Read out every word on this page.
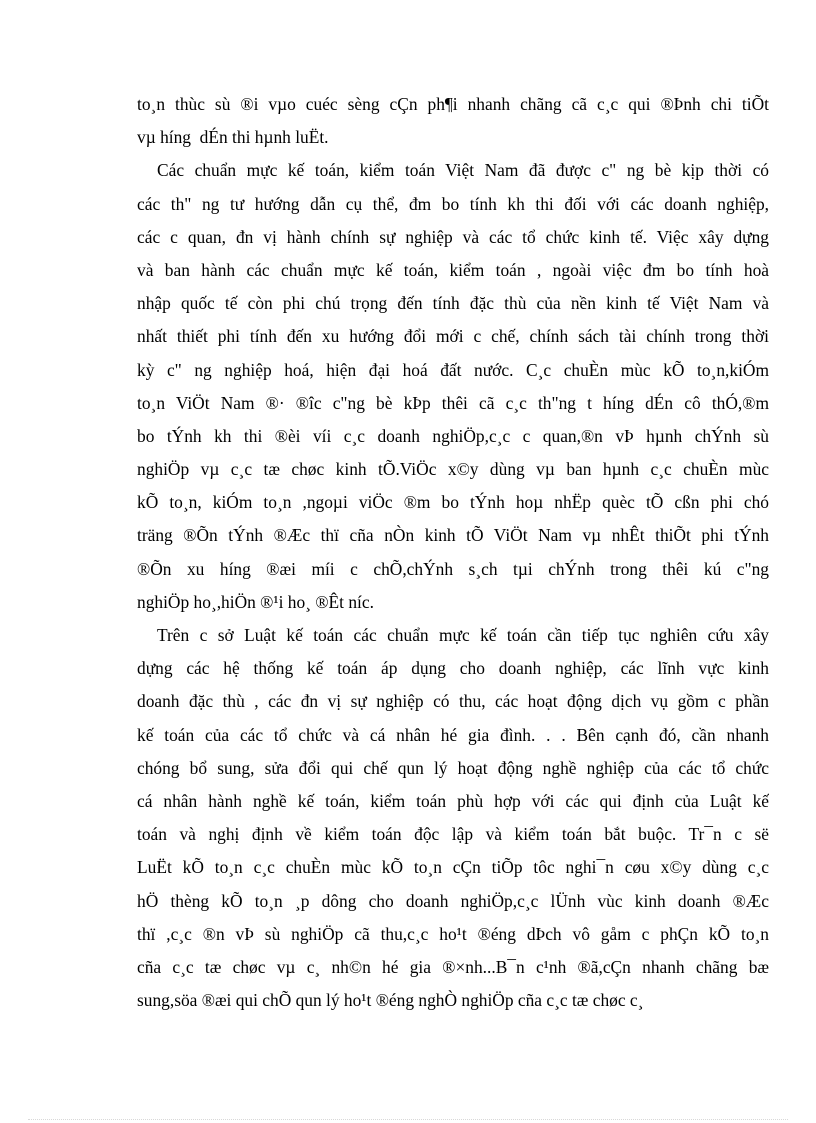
to¸n thùc sù ®i vµo cuéc sèng cÇn ph¶i nhanh chãng cã c¸c qui ®Þnh chi tiÕt
vµ híng  dÉn thi hµnh luËt.
Các chuẩn mực kế toán, kiểm toán Việt Nam đã được c" ng bè kịp thời có
các th" ng tư hướng dẫn cụ thể, đm bo tính kh thi đối với các doanh nghiệp,
các c quan, đn vị hành chính sự nghiệp và các tổ chức kinh tế. Việc xây dựng
và ban hành các chuẩn mực kế toán, kiểm toán , ngoài việc đm bo tính hoà
nhập quốc tế còn phi chú trọng đến tính đặc thù của nền kinh tế Việt Nam và
nhất thiết phi tính đến xu hướng đổi mới c chế, chính sách tài chính trong thời
kỳ c" ng nghiệp hoá, hiện đại hoá đất nước. C¸c chuÈn mùc kÕ to¸n,kiÓm
to¸n ViÖt Nam ®· ®îc c"ng bè kÞp thêi cã c¸c th"ng t híng dÉn cô thÓ,®m
bo tÝnh kh thi ®èi víi c¸c doanh nghiÖp,c¸c c quan,®n vÞ hµnh chÝnh sù
nghiÖp vµ c¸c tæ chøc kinh tÕ.ViÖc x©y dùng vµ ban hµnh c¸c chuÈn mùc
kÕ to¸n, kiÓm to¸n ,ngoµi viÖc ®m bo tÝnh hoµ nhËp quèc tÕ cßn phi chó
träng ®Õn tÝnh ®Æc thï cña nÒn kinh tÕ ViÖt Nam vµ nhÊt thiÕt phi tÝnh
®Õn xu híng ®æi míi c chÕ,chÝnh s¸ch tµi chÝnh trong thêi kú c"ng
nghiÖp ho¸,hiÖn ®¹i ho¸ ®Êt níc.
Trên c sở Luật kế toán các chuẩn mực kế toán cần tiếp tục nghiên cứu xây
dựng các hệ thống kế toán áp dụng cho doanh nghiệp, các lĩnh vực kinh
doanh đặc thù , các đn vị sự nghiệp có thu, các hoạt động dịch vụ gồm c phần
kế toán của các tổ chức và cá nhân hé gia đình. . . Bên cạnh đó, cần nhanh
chóng bổ sung, sửa đổi qui chế qun lý hoạt động nghề nghiệp của các tổ chức
cá nhân hành nghề kế toán, kiểm toán phù hợp với các qui định của Luật kế
toán và nghị định về kiểm toán độc lập và kiểm toán bắt buộc. Tr¯n c së
LuËt kÕ to¸n c¸c chuÈn mùc kÕ to¸n cÇn tiÕp tôc nghi¯n cøu x©y dùng c¸c
hÖ thèng kÕ to¸n ¸p dông cho doanh nghiÖp,c¸c lÜnh vùc kinh doanh ®Æc
thï ,c¸c ®n vÞ sù nghiÖp cã thu,c¸c ho¹t ®éng dÞch vô gåm c phÇn kÕ to¸n
cña c¸c tæ chøc vµ c¸ nh©n hé gia ®×nh...B¯n c¹nh ®ã,cÇn nhanh chãng bæ
sung,söa ®æi qui chÕ qun lý ho¹t ®éng nghÒ nghiÖp cña c¸c tæ chøc c¸
